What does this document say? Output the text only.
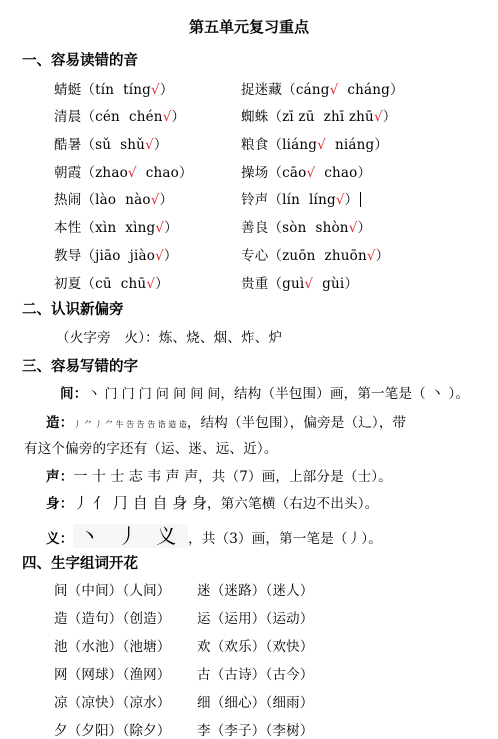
第五单元复习重点
一、容易读错的音
蜻蜓（tín tíng√）	捉迷藏（cáng√ cháng）
清晨（cén chén√）	蜘蛛（zī zū zhī zhū√）
酷暑（sǔ shǔ√）	粮食（liáng√ niáng）
朝霞（zhao√ chao）	操场（cāo√ chao）
热闹（lào nào√）	铃声（lín líng√）
本性（xìn xìng√）	善良（sòn shòn√）
教导（jiāo jiào√）	专心（zuōn zhuōn√）
初夏（cū chū√）	贵重（guì√ gùi）
二、认识新偏旁
（火字旁　火）：炼、烧、烟、炸、炉
三、容易写错的字
间：丶 门 门 门 问 间 间 间，结构（半包围）画，第一笔是（ 丶 ）。
造：丿 ⺈ 丿 ⺈ 牛 告 告 告 诰 造 造，结构（半包围），偏旁是（辶），带
有这个偏旁的字还有（运、迷、远、近）。
声：一 十 士 志 韦 声 声，共（7）画，上部分是（士）。
身：丿 亻 ⺆ 自 自 身 身，第六笔横（右边不出头）。
义： 丶 丿 义 ，共（3）画，第一笔是（丿）。
四、生字组词开花
间（中间）（人间） 迷（迷路）（迷人）
造（造句）（创造） 运（运用）（运动）
池（水池）（池塘） 欢（欢乐）（欢快）
网（网球）（渔网） 古（古诗）（古今）
凉（凉快）（凉水） 细（细心）（细雨）
夕（夕阳）（除夕） 李（李子）（李树）
